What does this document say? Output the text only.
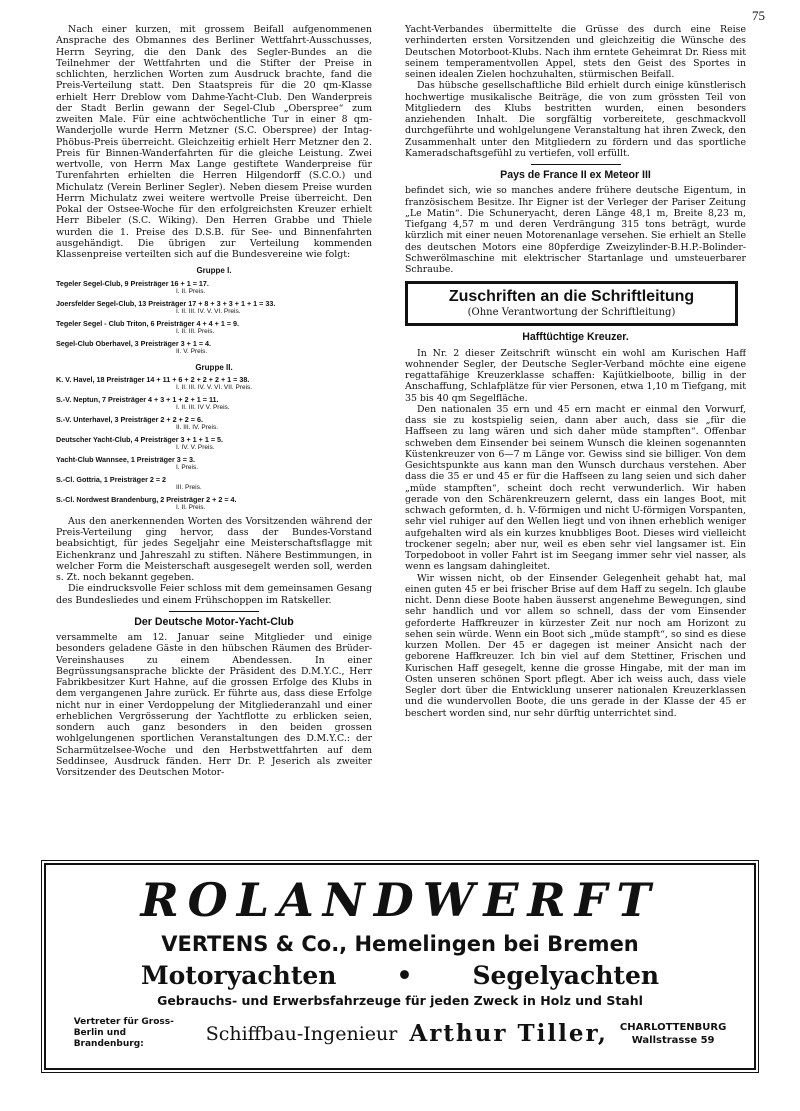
75

Nach einer kurzen, mit grossem Beifall aufgenommenen Ansprache des Obmannes des Berliner Wettfahrt-Ausschusses, Herrn Seyring, die den Dank des Segler-Bundes an die Teilnehmer der Wettfahrten und die Stifter der Preise in schlichten, herzlichen Worten zum Ausdruck brachte, fand die Preis-Verteilung statt. Den Staatspreis für die 20 qm-Klasse erhielt Herr Dreblow vom Dahme-Yacht-Club. Den Wanderpreis der Stadt Berlin gewann der Segel-Club „Oberspree“ zum zweiten Male. Für eine achtwöchentliche Tur in einer 8 qm-Wanderjolle wurde Herrn Metzner (S.C. Oberspree) der Intag-Phöbus-Preis überreicht. Gleichzeitig erhielt Herr Metzner den 2. Preis für Binnen-Wanderfahrten für die gleiche Leistung. Zwei wertvolle, von Herrn Max Lange gestiftete Wanderpreise für Turenfahrten erhielten die Herren Hilgendorff (S.C.O.) und Michulatz (Verein Berliner Segler). Neben diesem Preise wurden Herrn Michulatz zwei weitere wertvolle Preise überreicht. Den Pokal der Ostsee-Woche für den erfolgreichsten Kreuzer erhielt Herr Bibeler (S.C. Wiking). Den Herren Grabbe und Thiele wurden die 1. Preise des D.S.B. für See- und Binnenfahrten ausgehändigt. Die übrigen zur Verteilung kommenden Klassenpreise verteilten sich auf die Bundesvereine wie folgt:

Gruppe I.
Tegeler Segel-Club, 9 Preisträger 16 + 1 = 17.
I. II. Preis.
Joersfelder Segel-Club, 13 Preisträger 17 + 8 + 3 + 3 + 1 + 1 = 33.
I. II. III. IV. V. VI. Preis.
Tegeler Segel - Club Triton, 6 Preisträger 4 + 4 + 1 = 9.
I. II. III. Preis.
Segel-Club Oberhavel, 3 Preisträger 3 + 1 = 4.
II. V. Preis.
Gruppe II.
K. V. Havel, 18 Preisträger 14 + 11 + 6 + 2 + 2 + 2 + 1 = 38.
I. II. III. IV. V. VI. VII. Preis.
S.-V. Neptun, 7 Preisträger 4 + 3 + 1 + 2 + 1 = 11.
I. II. III. IV V. Preis.
S.-V. Unterhavel, 3 Preisträger 2 + 2 + 2 = 6.
II. III. IV. Preis.
Deutscher Yacht-Club, 4 Preisträger 3 + 1 + 1 = 5.
I. IV. V. Preis.
Yacht-Club Wannsee, 1 Preisträger 3 = 3.
I. Preis.
S.-Cl. Gottria, 1 Preisträger 2 = 2
III. Preis.
S.-Cl. Nordwest Brandenburg, 2 Preisträger 2 + 2 = 4.
I. II. Preis.

Aus den anerkennenden Worten des Vorsitzenden während der Preis-Verteilung ging hervor, dass der Bundes-Vorstand beabsichtigt, für jedes Segeljahr eine Meisterschaftsflagge mit Eichenkranz und Jahreszahl zu stiften. Nähere Bestimmungen, in welcher Form die Meisterschaft ausgesegelt werden soll, werden s. Zt. noch bekannt gegeben.

Die eindrucksvolle Feier schloss mit dem gemeinsamen Gesang des Bundesliedes und einem Frühschoppen im Ratskeller.

Der Deutsche Motor-Yacht-Club

versammelte am 12. Januar seine Mitglieder und einige besonders geladene Gäste in den hübschen Räumen des Brüder-Vereinshauses zu einem Abendessen. In einer Begrüssungsansprache blickte der Präsident des D.M.Y.C., Herr Fabrikbesitzer Kurt Hahne, auf die grossen Erfolge des Klubs in dem vergangenen Jahre zurück. Er führte aus, dass diese Erfolge nicht nur in einer Verdoppelung der Mitgliederanzahl und einer erheblichen Vergrösserung der Yachtflotte zu erblicken seien, sondern auch ganz besonders in den beiden grossen wohlgelungenen sportlichen Veranstaltungen des D.M.Y.C.: der Scharmützelsee-Woche und den Herbstwettfahrten auf dem Seddinsee, Ausdruck fänden. Herr Dr. P. Jeserich als zweiter Vorsitzender des Deutschen Motor-

Yacht-Verbandes übermittelte die Grüsse des durch eine Reise verhinderten ersten Vorsitzenden und gleichzeitig die Wünsche des Deutschen Motorboot-Klubs. Nach ihm erntete Geheimrat Dr. Riess mit seinem temperamentvollen Appel, stets den Geist des Sportes in seinen idealen Zielen hochzuhalten, stürmischen Beifall.

Das hübsche gesellschaftliche Bild erhielt durch einige künstlerisch hochwertige musikalische Beiträge, die von zum grössten Teil von Mitgliedern des Klubs bestritten wurden, einen besonders anziehenden Inhalt. Die sorgfältig vorbereitete, geschmackvoll durchgeführte und wohlgelungene Veranstaltung hat ihren Zweck, den Zusammenhalt unter den Mitgliedern zu fördern und das sportliche Kameradschaftsgefühl zu vertiefen, voll erfüllt.

Pays de France II ex Meteor III

befindet sich, wie so manches andere frühere deutsche Eigentum, in französischem Besitze. Ihr Eigner ist der Verleger der Pariser Zeitung „Le Matin“. Die Schuneryacht, deren Länge 48,1 m, Breite 8,23 m, Tiefgang 4,57 m und deren Verdrängung 315 tons beträgt, wurde kürzlich mit einer neuen Motorenanlage versehen. Sie erhielt an Stelle des deutschen Motors eine 80pferdige Zweizylinder-B.H.P.-Bolinder-Schwerölmaschine mit elektrischer Startanlage und umsteuerbarer Schraube.

Zuschriften an die Schriftleitung
(Ohne Verantwortung der Schriftleitung)
Hafftüchtige Kreuzer.

In Nr. 2 dieser Zeitschrift wünscht ein wohl am Kurischen Haff wohnender Segler, der Deutsche Segler-Verband möchte eine eigene regattafähige Kreuzerklasse schaffen: Kajütkielboote, billig in der Anschaffung, Schlafplätze für vier Personen, etwa 1,10 m Tiefgang, mit 35 bis 40 qm Segelfläche.

Den nationalen 35 ern und 45 ern macht er einmal den Vorwurf, dass sie zu kostspielig seien, dann aber auch, dass sie „für die Haffseen zu lang wären und sich daher müde stampften“. Offenbar schweben dem Einsender bei seinem Wunsch die kleinen sogenannten Küstenkreuzer von 6—7 m Länge vor. Gewiss sind sie billiger. Von dem Gesichtspunkte aus kann man den Wunsch durchaus verstehen. Aber dass die 35 er und 45 er für die Haffseen zu lang seien und sich daher „müde stampften“, scheint doch recht verwunderlich. Wir haben gerade von den Schärenkreuzern gelernt, dass ein langes Boot, mit schwach geformten, d. h. V-förmigen und nicht U-förmigen Vorspanten, sehr viel ruhiger auf den Wellen liegt und von ihnen erheblich weniger aufgehalten wird als ein kurzes knubbliges Boot. Dieses wird vielleicht trockener segeln; aber nur, weil es eben sehr viel langsamer ist. Ein Torpedoboot in voller Fahrt ist im Seegang immer sehr viel nasser, als wenn es langsam dahingleitet.

Wir wissen nicht, ob der Einsender Gelegenheit gehabt hat, mal einen guten 45 er bei frischer Brise auf dem Haff zu segeln. Ich glaube nicht. Denn diese Boote haben äusserst angenehme Bewegungen, sind sehr handlich und vor allem so schnell, dass der vom Einsender geforderte Haffkreuzer in kürzester Zeit nur noch am Horizont zu sehen sein würde. Wenn ein Boot sich „müde stampft“, so sind es diese kurzen Mollen. Der 45 er dagegen ist meiner Ansicht nach der geborene Haffkreuzer. Ich bin viel auf dem Stettiner, Frischen und Kurischen Haff gesegelt, kenne die grosse Hingabe, mit der man im Osten unseren schönen Sport pflegt. Aber ich weiss auch, dass viele Segler dort über die Entwicklung unserer nationalen Kreuzerklassen und die wundervollen Boote, die uns gerade in der Klasse der 45 er beschert worden sind, nur sehr dürftig unterrichtet sind.

ROLANDWERFT
VERTENS & Co., Hemelingen bei Bremen
Motoryachten • Segelyachten
Gebrauchs- und Erwerbsfahrzeuge für jeden Zweck in Holz und Stahl
Vertreter für Gross-Berlin und Brandenburg:	Schiffbau-Ingenieur Arthur Tiller, CHARLOTTENBURG
Wallstrasse 59
